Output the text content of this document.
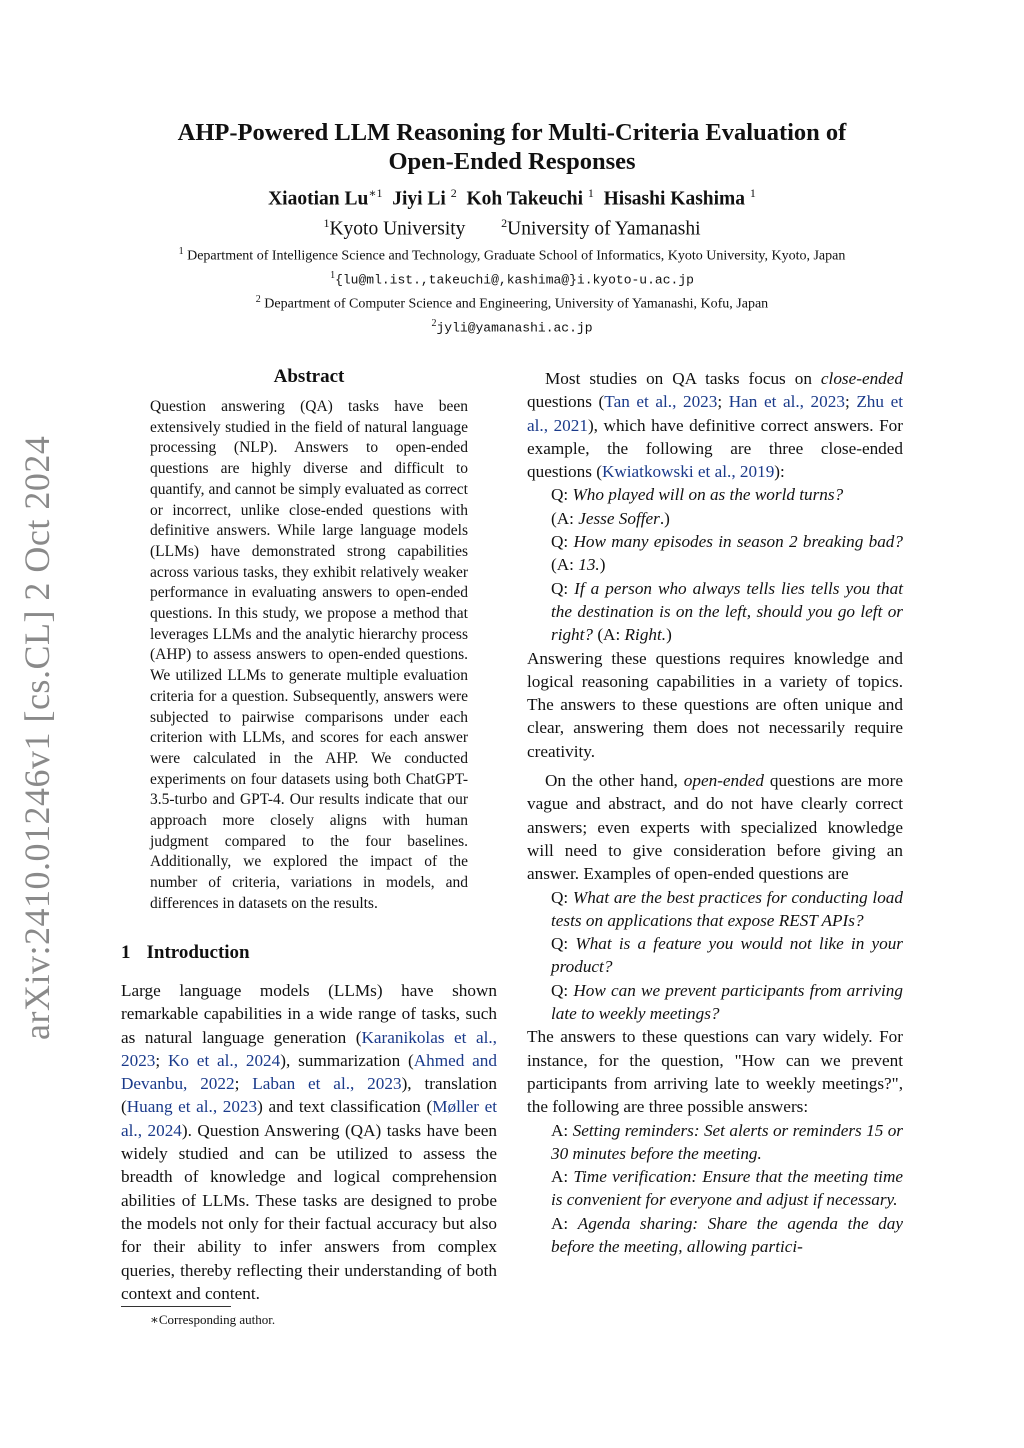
arXiv:2410.01246v1 [cs.CL] 2 Oct 2024
AHP-Powered LLM Reasoning for Multi-Criteria Evaluation of
Open-Ended Responses
Xiaotian $Lu^{∗1}$ Jiyi Li $^2$ Koh Takeuchi $^1$ Hisashi Kashima $^1$
$^1$Kyoto University	$^2$University of Yamanashi
$^1$ Department of Intelligence Science and Technology, Graduate School of Informatics, Kyoto University, Kyoto, Japan
$^1${lu@ml.ist.,takeuchi@,kashima@}i.kyoto-u.ac.jp
$^2$ Department of Computer Science and Engineering, University of Yamanashi, Kofu, Japan
$^2$jyli@yamanashi.ac.jp
Abstract
Question answering (QA) tasks have been extensively studied in the field of natural language processing (NLP). Answers to open-ended questions are highly diverse and difficult to quantify, and cannot be simply evaluated as correct or incorrect, unlike close-ended questions with definitive answers. While large language models (LLMs) have demonstrated strong capabilities across various tasks, they exhibit relatively weaker performance in evaluating answers to open-ended questions. In this study, we propose a method that leverages LLMs and the analytic hierarchy process (AHP) to assess answers to open-ended questions. We utilized LLMs to generate multiple evaluation criteria for a question. Subsequently, answers were subjected to pairwise comparisons under each criterion with LLMs, and scores for each answer were calculated in the AHP. We conducted experiments on four datasets using both ChatGPT-3.5-turbo and GPT-4. Our results indicate that our approach more closely aligns with human judgment compared to the four baselines. Additionally, we explored the impact of the number of criteria, variations in models, and differences in datasets on the results.
1 Introduction
Large language models (LLMs) have shown remarkable capabilities in a wide range of tasks, such as natural language generation (Karanikolas et al., 2023; Ko et al., 2024), summarization (Ahmed and Devanbu, 2022; Laban et al., 2023), translation (Huang et al., 2023) and text classification (Møller et al., 2024). Question Answering (QA) tasks have been widely studied and can be utilized to assess the breadth of knowledge and logical comprehension abilities of LLMs. These tasks are designed to probe the models not only for their factual accuracy but also for their ability to infer answers from complex queries, thereby reflecting their understanding of both context and content.
∗Corresponding author.

Most studies on QA tasks focus on close-ended questions (Tan et al., 2023; Han et al., 2023; Zhu et al., 2021), which have definitive correct answers. For example, the following are three close-ended questions (Kwiatkowski et al., 2019):

Q: Who played will on as the world turns?

(A: Jesse Soffer.)

Q: How many episodes in season 2 breaking bad? (A: 13.)

Q: If a person who always tells lies tells you that the destination is on the left, should you go left or right? (A: Right.)

Answering these questions requires knowledge and logical reasoning capabilities in a variety of topics. The answers to these questions are often unique and clear, answering them does not necessarily require creativity.

On the other hand, open-ended questions are more vague and abstract, and do not have clearly correct answers; even experts with specialized knowledge will need to give consideration before giving an answer. Examples of open-ended questions are

Q: What are the best practices for conducting load tests on applications that expose REST APIs?

Q: What is a feature you would not like in your product?

Q: How can we prevent participants from arriving late to weekly meetings?

The answers to these questions can vary widely. For instance, for the question, "How can we prevent participants from arriving late to weekly meetings?", the following are three possible answers:

A: Setting reminders: Set alerts or reminders 15 or 30 minutes before the meeting.

A: Time verification: Ensure that the meeting time is convenient for everyone and adjust if necessary.

A: Agenda sharing: Share the agenda the day before the meeting, allowing partici-
